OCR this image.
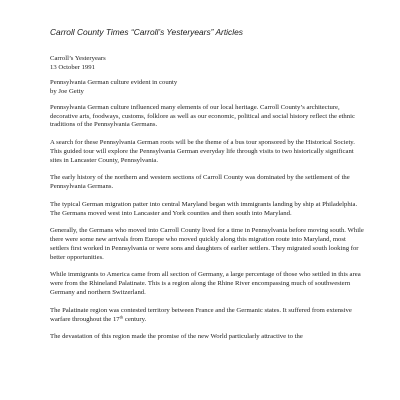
Carroll County Times “Carroll’s Yesteryears” Articles
Carroll’s Yesteryears
13 October 1991
Pennsylvania German culture evident in county
by Joe Getty

Pennsylvania German culture influenced many elements of our local heritage. Carroll County’s architecture, decorative arts, foodways, customs, folklore as well as our economic, political and social history reflect the ethnic traditions of the Pennsylvania Germans.

A search for these Pennsylvania German roots will be the theme of a bus tour sponsored by the Historical Society. This guided tour will explore the Pennsylvania German everyday life through visits to two historically significant sites in Lancaster County, Pennsylvania.

The early history of the northern and western sections of Carroll County was dominated by the settlement of the Pennsylvania Germans.

The typical German migration patter into central Maryland began with immigrants landing by ship at Philadelphia. The Germans moved west into Lancaster and York counties and then south into Maryland.

Generally, the Germans who moved into Carroll County lived for a time in Pennsylvania before moving south. While there were some new arrivals from Europe who moved quickly along this migration route into Maryland, most settlers first worked in Pennsylvania or were sons and daughters of earlier settlers. They migrated south looking for better opportunities.

While immigrants to America came from all section of Germany, a large percentage of those who settled in this area were from the Rhineland Palatinate. This is a region along the Rhine River encompassing much of southwestern Germany and northern Switzerland.

The Palatinate region was contested territory between France and the Germanic states. It suffered from extensive warfare throughout the 17th century.

The devastation of this region made the promise of the new World particularly attractive to the
